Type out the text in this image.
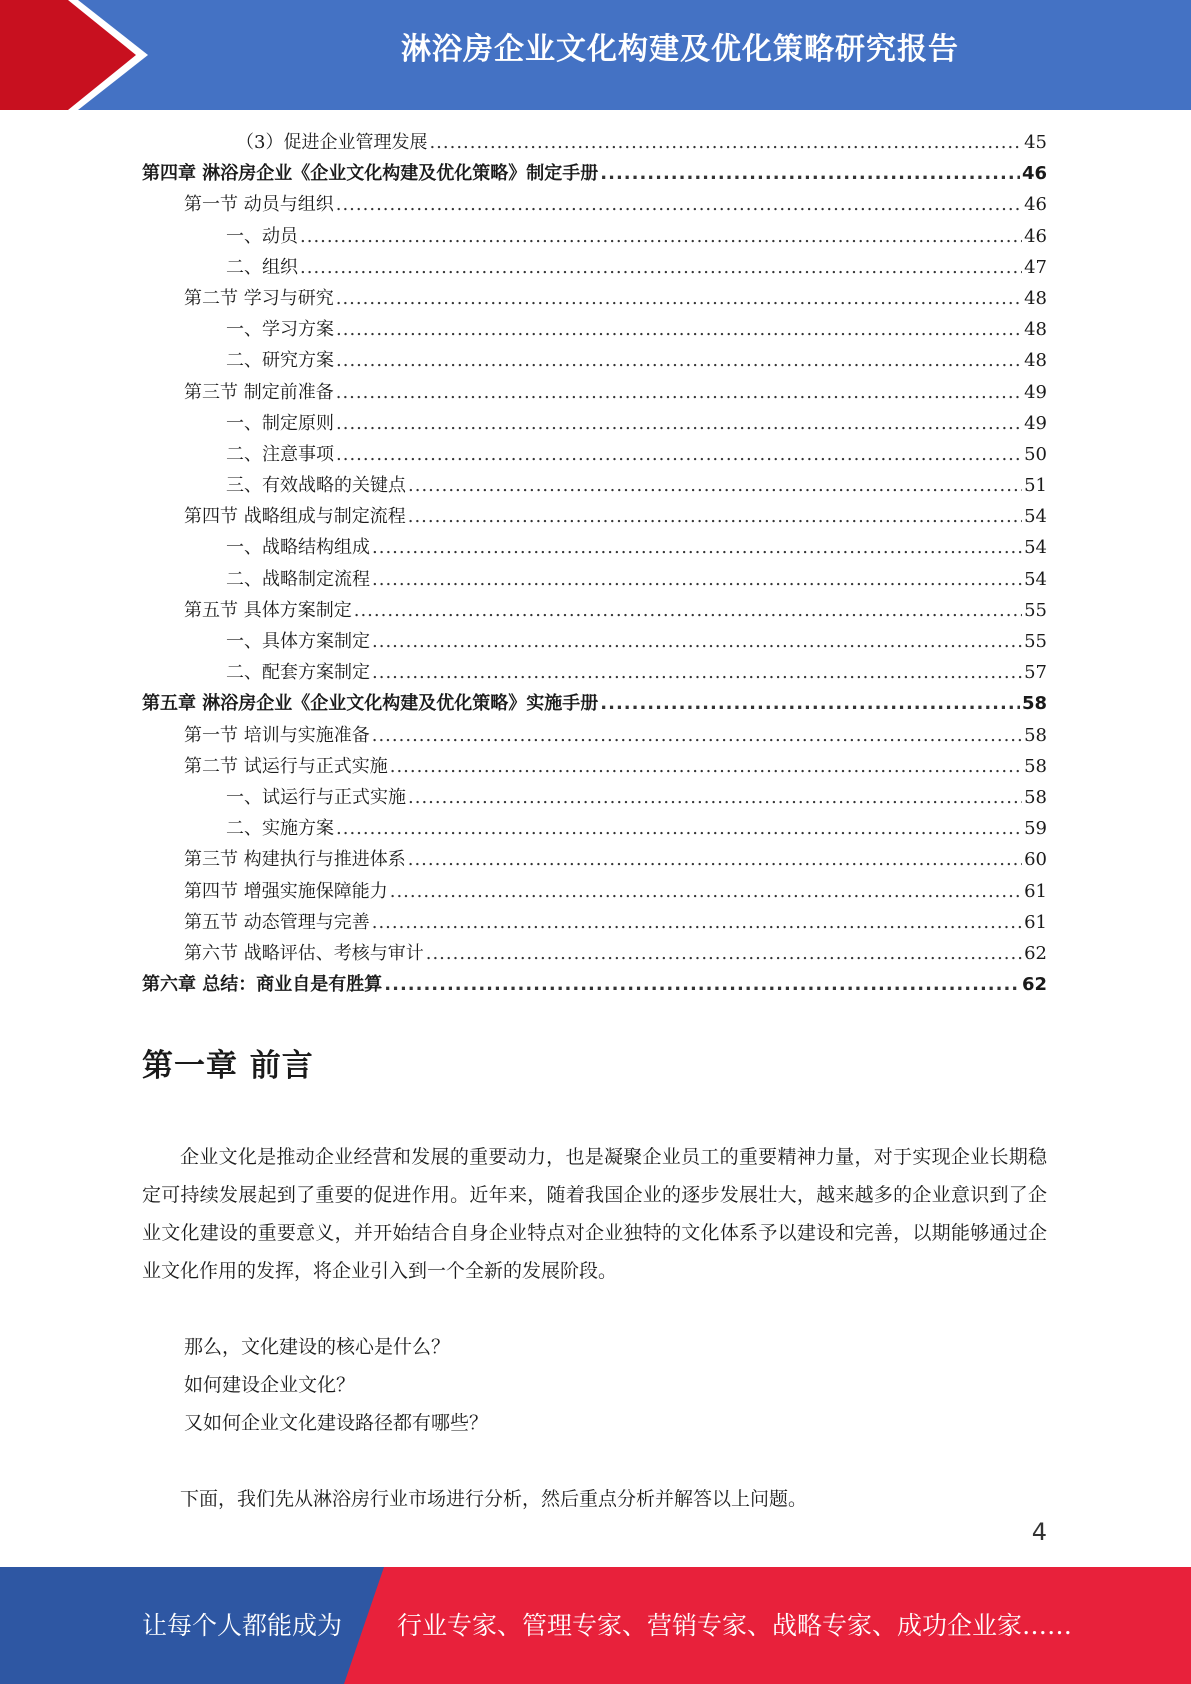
淋浴房企业文化构建及优化策略研究报告
（3）促进企业管理发展 .....	45
第四章 淋浴房企业《企业文化构建及优化策略》制定手册 .....	46
第一节 动员与组织 .....	46
一、动员 .....	46
二、组织 .....	47
第二节 学习与研究 .....	48
一、学习方案 .....	48
二、研究方案 .....	48
第三节 制定前准备 .....	49
一、制定原则 .....	49
二、注意事项 .....	50
三、有效战略的关键点 .....	51
第四节 战略组成与制定流程 .....	54
一、战略结构组成 .....	54
二、战略制定流程 .....	54
第五节 具体方案制定 .....	55
一、具体方案制定 .....	55
二、配套方案制定 .....	57
第五章 淋浴房企业《企业文化构建及优化策略》实施手册 .....	58
第一节 培训与实施准备 .....	58
第二节 试运行与正式实施 .....	58
一、试运行与正式实施 .....	58
二、实施方案 .....	59
第三节 构建执行与推进体系 .....	60
第四节 增强实施保障能力 .....	61
第五节 动态管理与完善 .....	61
第六节 战略评估、考核与审计 .....	62
第六章 总结：商业自是有胜算 .....	62
第一章 前言
企业文化是推动企业经营和发展的重要动力，也是凝聚企业员工的重要精神力量，对于实现企业长期稳定可持续发展起到了重要的促进作用。近年来，随着我国企业的逐步发展壮大，越来越多的企业意识到了企业文化建设的重要意义，并开始结合自身企业特点对企业独特的文化体系予以建设和完善，以期能够通过企业文化作用的发挥，将企业引入到一个全新的发展阶段。
那么，文化建设的核心是什么？
如何建设企业文化？
又如何企业文化建设路径都有哪些？
下面，我们先从淋浴房行业市场进行分析，然后重点分析并解答以上问题。
4
让每个人都能成为 行业专家、管理专家、营销专家、战略专家、成功企业家……
